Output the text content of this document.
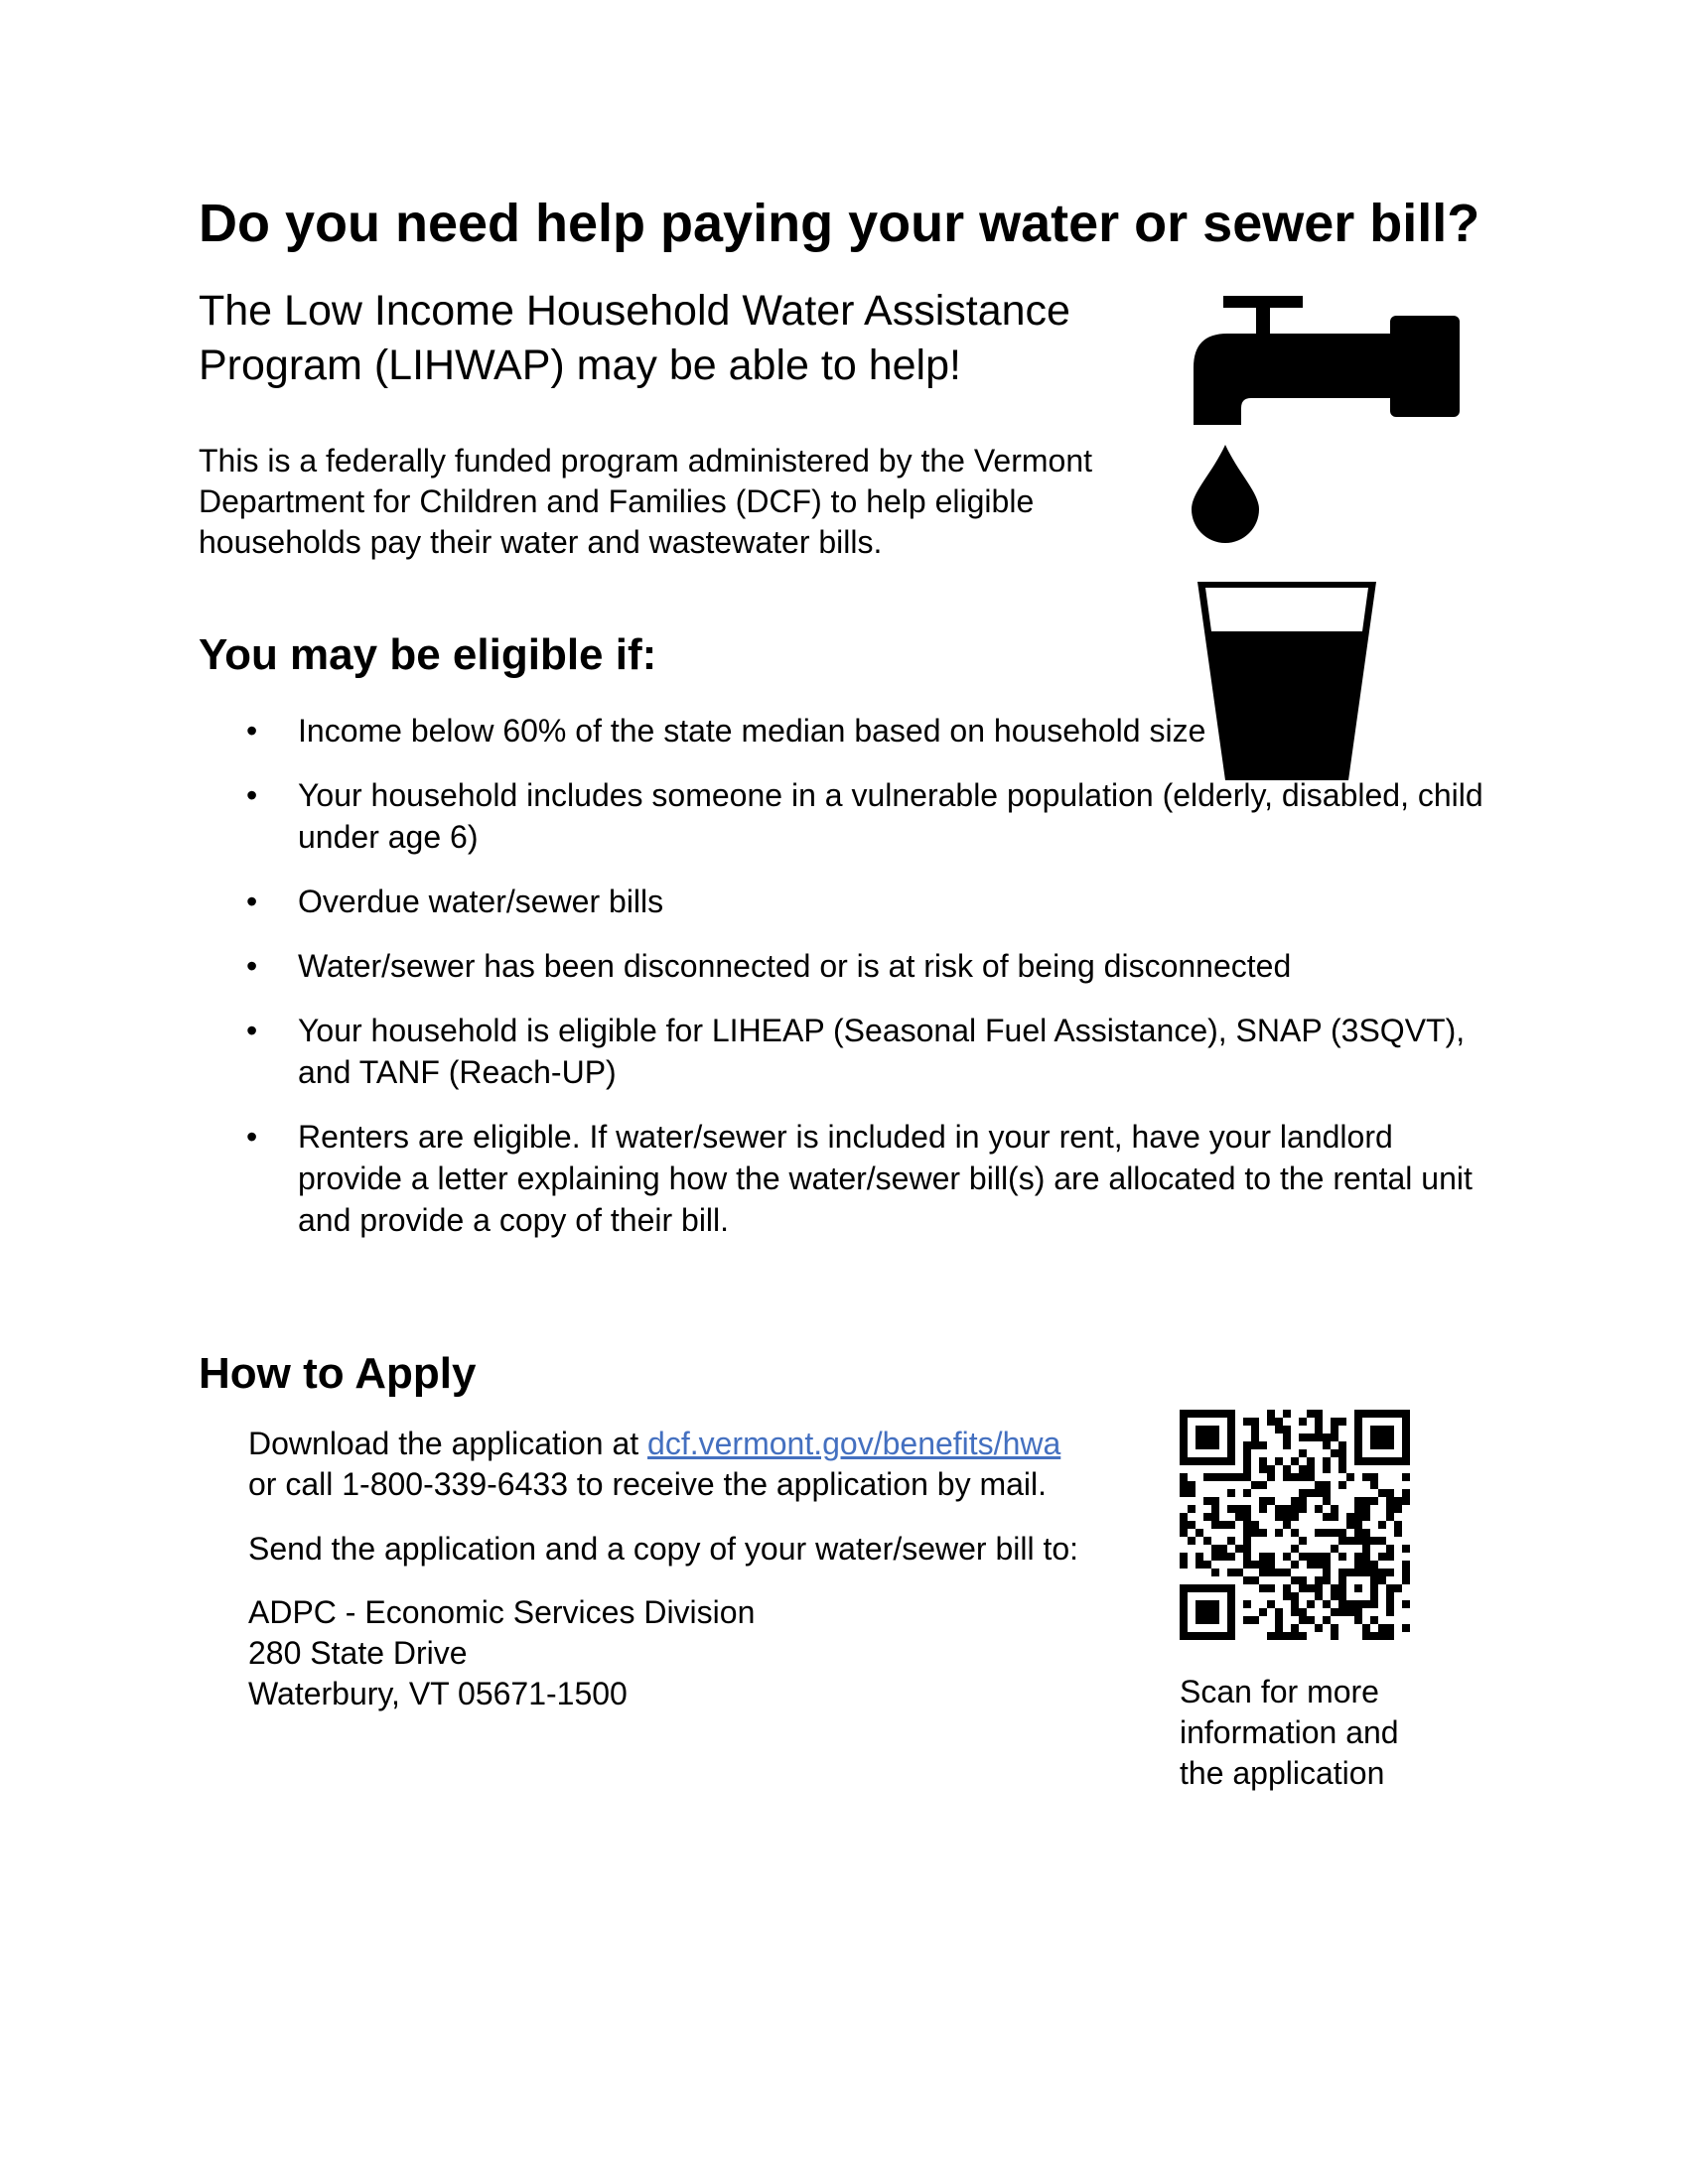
Do you need help paying your water or sewer bill?
The Low Income Household Water Assistance Program (LIHWAP) may be able to help!
This is a federally funded program administered by the Vermont Department for Children and Families (DCF) to help eligible households pay their water and wastewater bills.
You may be eligible if:
• Income below 60% of the state median based on household size
• Your household includes someone in a vulnerable population (elderly, disabled, child under age 6)
• Overdue water/sewer bills
• Water/sewer has been disconnected or is at risk of being disconnected
• Your household is eligible for LIHEAP (Seasonal Fuel Assistance), SNAP (3SQVT), and TANF (Reach-UP)
• Renters are eligible. If water/sewer is included in your rent, have your landlord provide a letter explaining how the water/sewer bill(s) are allocated to the rental unit and provide a copy of their bill.
How to Apply
Download the application at dcf.vermont.gov/benefits/hwa
or call 1-800-339-6433 to receive the application by mail.
Send the application and a copy of your water/sewer bill to:
ADPC - Economic Services Division
280 State Drive
Waterbury, VT 05671-1500	Scan for more information and the application
